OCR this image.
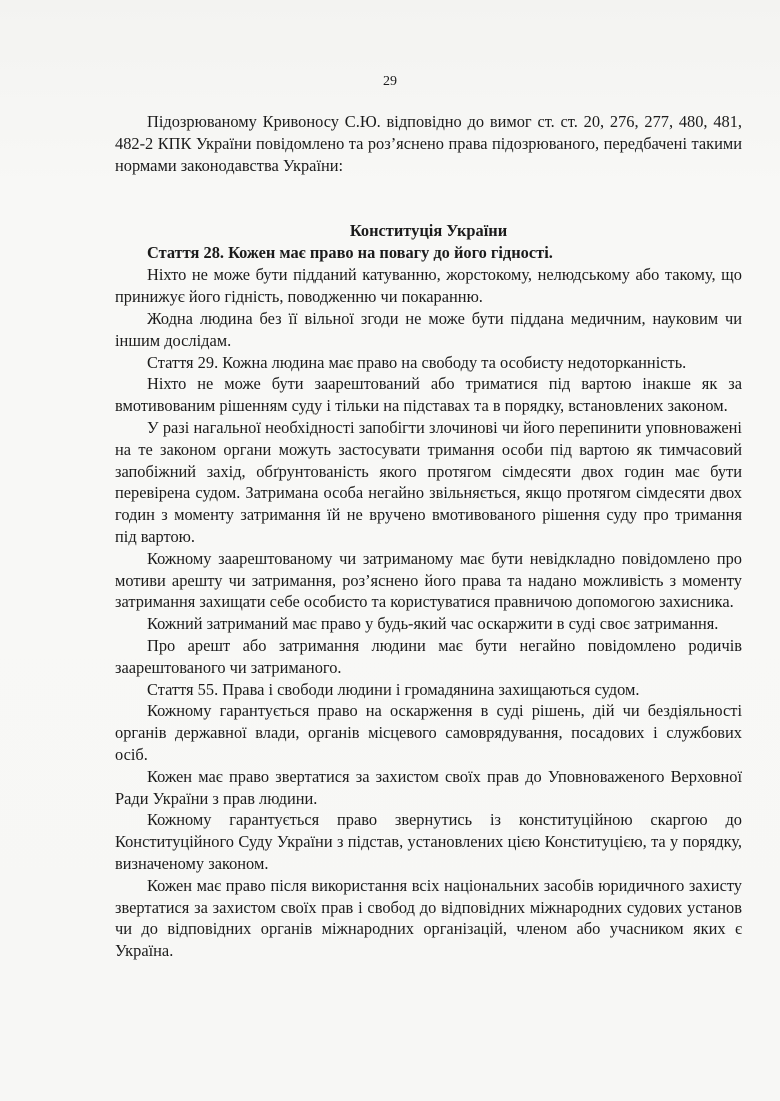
29

Підозрюваному Кривоносу С.Ю. відповідно до вимог ст. ст. 20, 276, 277, 480, 481, 482-2 КПК України повідомлено та роз’яснено права підозрюваного, передбачені такими нормами законодавства України:

Конституція України

Стаття 28. Кожен має право на повагу до його гідності.

Ніхто не може бути підданий катуванню, жорстокому, нелюдському або такому, що принижує його гідність, поводженню чи покаранню.

Жодна людина без її вільної згоди не може бути піддана медичним, науковим чи іншим дослідам.

Стаття 29. Кожна людина має право на свободу та особисту недоторканність.

Ніхто не може бути заарештований або триматися під вартою інакше як за вмотивованим рішенням суду і тільки на підставах та в порядку, встановлених законом.

У разі нагальної необхідності запобігти злочинові чи його перепинити уповноважені на те законом органи можуть застосувати тримання особи під вартою як тимчасовий запобіжний захід, обґрунтованість якого протягом сімдесяти двох годин має бути перевірена судом. Затримана особа негайно звільняється, якщо протягом сімдесяти двох годин з моменту затримання їй не вручено вмотивованого рішення суду про тримання під вартою.

Кожному заарештованому чи затриманому має бути невідкладно повідомлено про мотиви арешту чи затримання, роз’яснено його права та надано можливість з моменту затримання захищати себе особисто та користуватися правничою допомогою захисника.

Кожний затриманий має право у будь-який час оскаржити в суді своє затримання.

Про арешт або затримання людини має бути негайно повідомлено родичів заарештованого чи затриманого.

Стаття 55. Права і свободи людини і громадянина захищаються судом.

Кожному гарантується право на оскарження в суді рішень, дій чи бездіяльності органів державної влади, органів місцевого самоврядування, посадових і службових осіб.

Кожен має право звертатися за захистом своїх прав до Уповноваженого Верховної Ради України з прав людини.

Кожному гарантується право звернутись із конституційною скаргою до Конституційного Суду України з підстав, установлених цією Конституцією, та у порядку, визначеному законом.

Кожен має право після використання всіх національних засобів юридичного захисту звертатися за захистом своїх прав і свобод до відповідних міжнародних судових установ чи до відповідних органів міжнародних організацій, членом або учасником яких є Україна.
